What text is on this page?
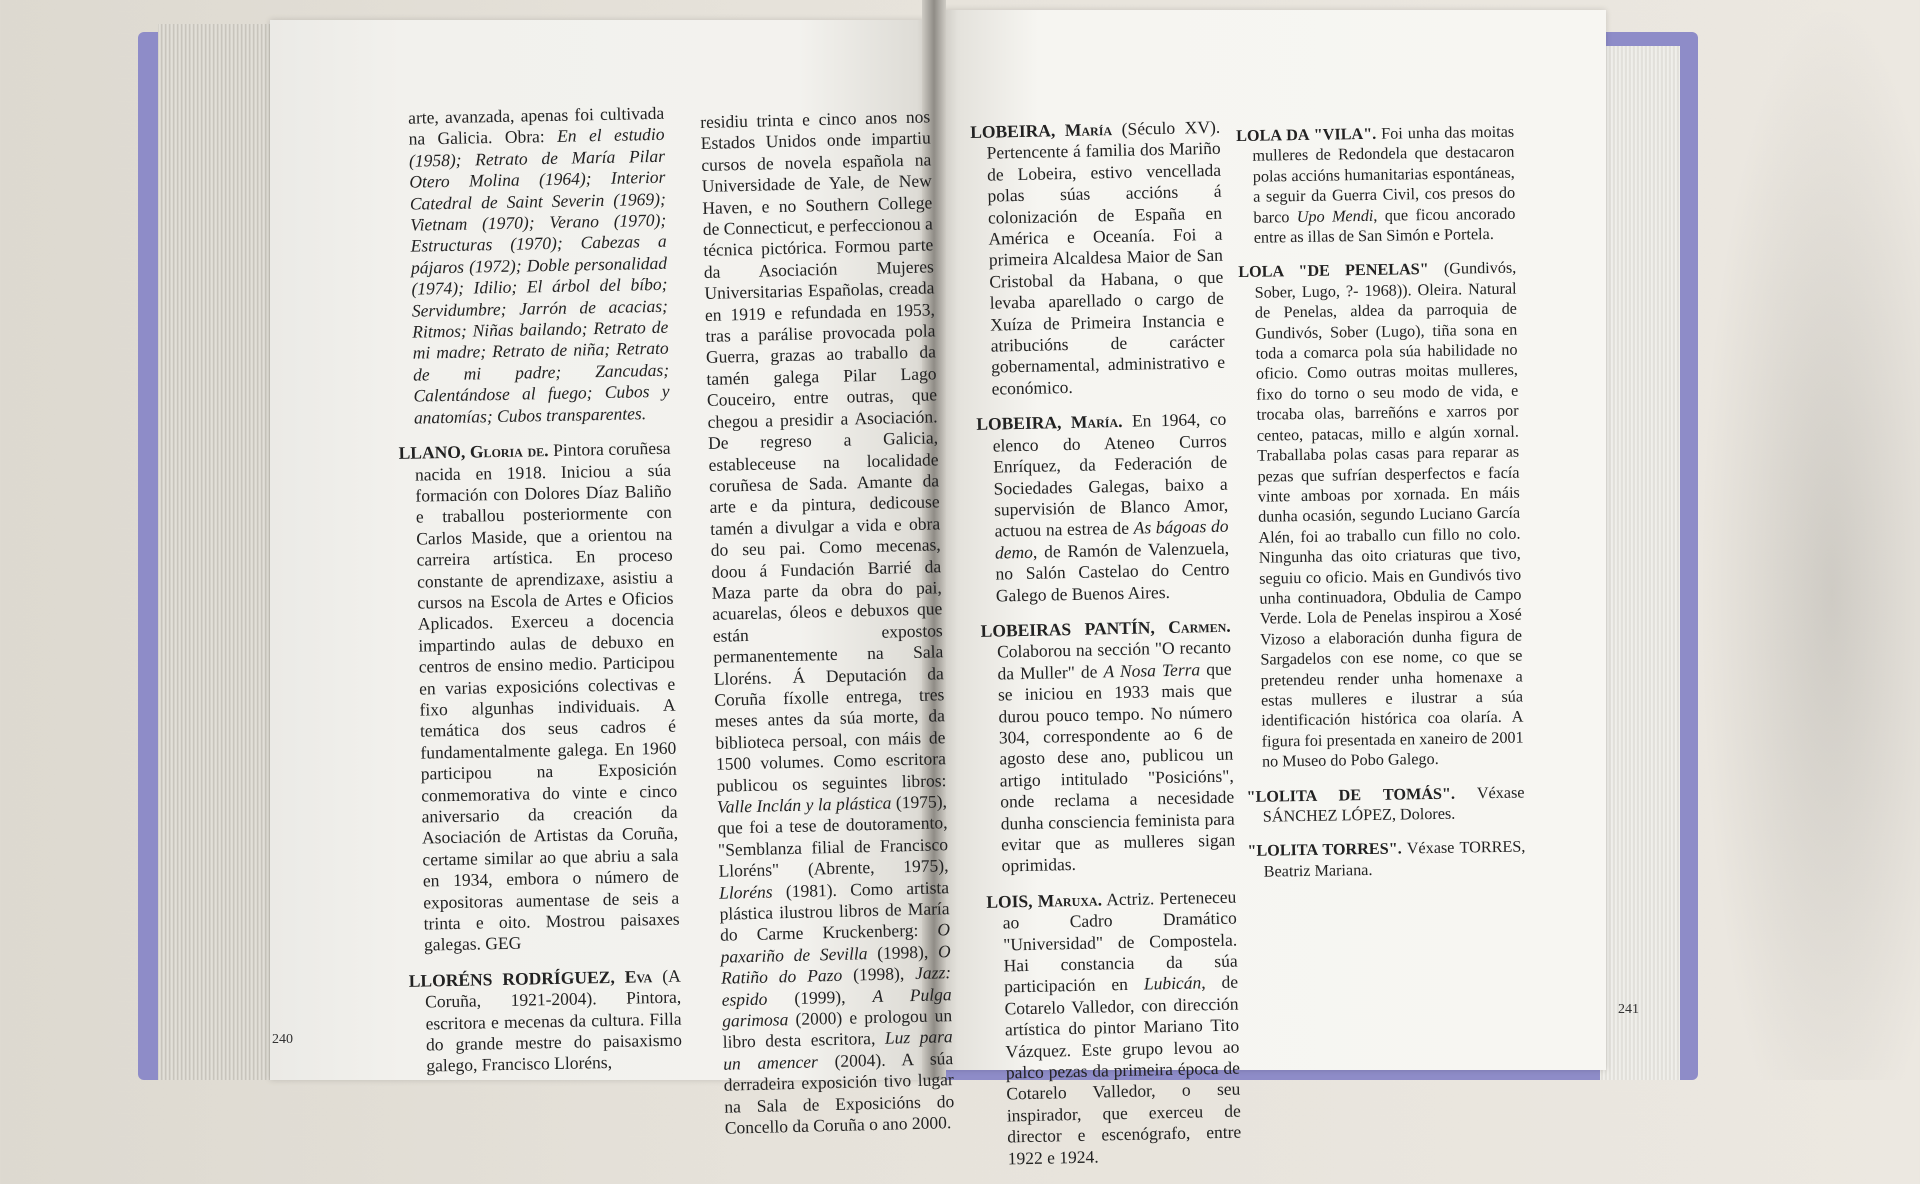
arte, avanzada, apenas foi cultivada na Galicia. Obra: En el estudio (1958); Retrato de María Pilar Otero Molina (1964); Interior Catedral de Saint Severin (1969); Vietnam (1970); Verano (1970); Estructuras (1970); Cabezas a pájaros (1972); Doble personalidad (1974); Idilio; El árbol del bíbo; Servidumbre; Jarrón de acacias; Ritmos; Niñas bailando; Retrato de mi madre; Retrato de niña; Retrato de mi padre; Zancudas; Calentándose al fuego; Cubos y anatomías; Cubos transparentes.

LLANO, Gloria de. Pintora coruñesa nacida en 1918. Iniciou a súa formación con Dolores Díaz Baliño e traballou posteriormente con Carlos Maside, que a orientou na carreira artística. En proceso constante de aprendizaxe, asistiu a cursos na Escola de Artes e Oficios Aplicados. Exerceu a docencia impartindo aulas de debuxo en centros de ensino medio. Participou en varias exposicións colectivas e fixo algunhas individuais. A temática dos seus cadros é fundamentalmente galega. En 1960 participou na Exposición conmemorativa do vinte e cinco aniversario da creación da Asociación de Artistas da Coruña, certame similar ao que abriu a sala en 1934, embora o número de expositoras aumentase de seis a trinta e oito. Mostrou paisaxes galegas. GEG

LLORÉNS RODRÍGUEZ, Eva (A Coruña, 1921-2004). Pintora, escritora e mecenas da cultura. Filla do grande mestre do paisaxismo galego, Francisco Lloréns,

residiu trinta e cinco anos nos Estados Unidos onde impartiu cursos de novela española na Universidade de Yale, de New Haven, e no Southern College de Connecticut, e perfeccionou a técnica pictórica. Formou parte da Asociación Mujeres Universitarias Españolas, creada en 1919 e refundada en 1953, tras a parálise provocada pola Guerra, grazas ao traballo da tamén galega Pilar Lago Couceiro, entre outras, que chegou a presidir a Asociación. De regreso a Galicia, estableceuse na localidade coruñesa de Sada. Amante da arte e da pintura, dedicouse tamén a divulgar a vida e obra do seu pai. Como mecenas, doou á Fundación Barrié da Maza parte da obra do pai, acuarelas, óleos e debuxos que están expostos permanentemente na Sala Lloréns. Á Deputación da Coruña fíxolle entrega, tres meses antes da súa morte, da biblioteca persoal, con máis de 1500 volumes. Como escritora publicou os seguintes libros: Valle Inclán y la plástica (1975), que foi a tese de doutoramento, "Semblanza filial de Francisco Lloréns" (Abrente, 1975), Lloréns (1981). Como artista plástica ilustrou libros de María do Carme Kruckenberg: O paxariño de Sevilla (1998), O Ratiño do Pazo (1998), Jazz: espido (1999), A Pulga garimosa (2000) e prologou un libro desta escritora, Luz para un amencer (2004). A súa derradeira exposición tivo lugar na Sala de Exposicións do Concello da Coruña o ano 2000.

240

LOBEIRA, María (Século XV). Pertencente á familia dos Mariño de Lobeira, estivo vencellada polas súas accións á colonización de España en América e Oceanía. Foi a primeira Alcaldesa Maior de San Cristobal da Habana, o que levaba aparellado o cargo de Xuíza de Primeira Instancia e atribucións de carácter gobernamental, administrativo e económico.

LOBEIRA, María. En 1964, co elenco do Ateneo Curros Enríquez, da Federación de Sociedades Galegas, baixo a supervisión de Blanco Amor, actuou na estrea de As bágoas do demo, de Ramón de Valenzuela, no Salón Castelao do Centro Galego de Buenos Aires.

LOBEIRAS PANTÍN, Carmen. Colaborou na sección "O recanto da Muller" de A Nosa Terra que se iniciou en 1933 mais que durou pouco tempo. No número 304, correspondente ao 6 de agosto dese ano, publicou un artigo intitulado "Posicións", onde reclama a necesidade dunha consciencia feminista para evitar que as mulleres sigan oprimidas.

LOIS, Maruxa. Actriz. Perteneceu ao Cadro Dramático "Universidad" de Compostela. Hai constancia da súa participación en Lubicán, de Cotarelo Valledor, con dirección artística do pintor Mariano Tito Vázquez. Este grupo levou ao palco pezas da primeira época de Cotarelo Valledor, o seu inspirador, que exerceu de director e escenógrafo, entre 1922 e 1924.

LOLA DA "VILA". Foi unha das moitas mulleres de Redondela que destacaron polas accións humanitarias espontáneas, a seguir da Guerra Civil, cos presos do barco Upo Mendi, que ficou ancorado entre as illas de San Simón e Portela.

LOLA "DE PENELAS" (Gundivós, Sober, Lugo, ?- 1968)). Oleira. Natural de Penelas, aldea da parroquia de Gundivós, Sober (Lugo), tiña sona en toda a comarca pola súa habilidade no oficio. Como outras moitas mulleres, fixo do torno o seu modo de vida, e trocaba olas, barreñóns e xarros por centeo, patacas, millo e algún xornal. Traballaba polas casas para reparar as pezas que sufrían desperfectos e facía vinte amboas por xornada. En máis dunha ocasión, segundo Luciano García Alén, foi ao traballo cun fillo no colo. Ningunha das oito criaturas que tivo, seguiu co oficio. Mais en Gundivós tivo unha continuadora, Obdulia de Campo Verde. Lola de Penelas inspirou a Xosé Vizoso a elaboración dunha figura de Sargadelos con ese nome, co que se pretendeu render unha homenaxe a estas mulleres e ilustrar a súa identificación histórica coa olaría. A figura foi presentada en xaneiro de 2001 no Museo do Pobo Galego.

"LOLITA DE TOMÁS". Véxase SÁNCHEZ LÓPEZ, Dolores.

"LOLITA TORRES". Véxase TORRES, Beatriz Mariana.

241
